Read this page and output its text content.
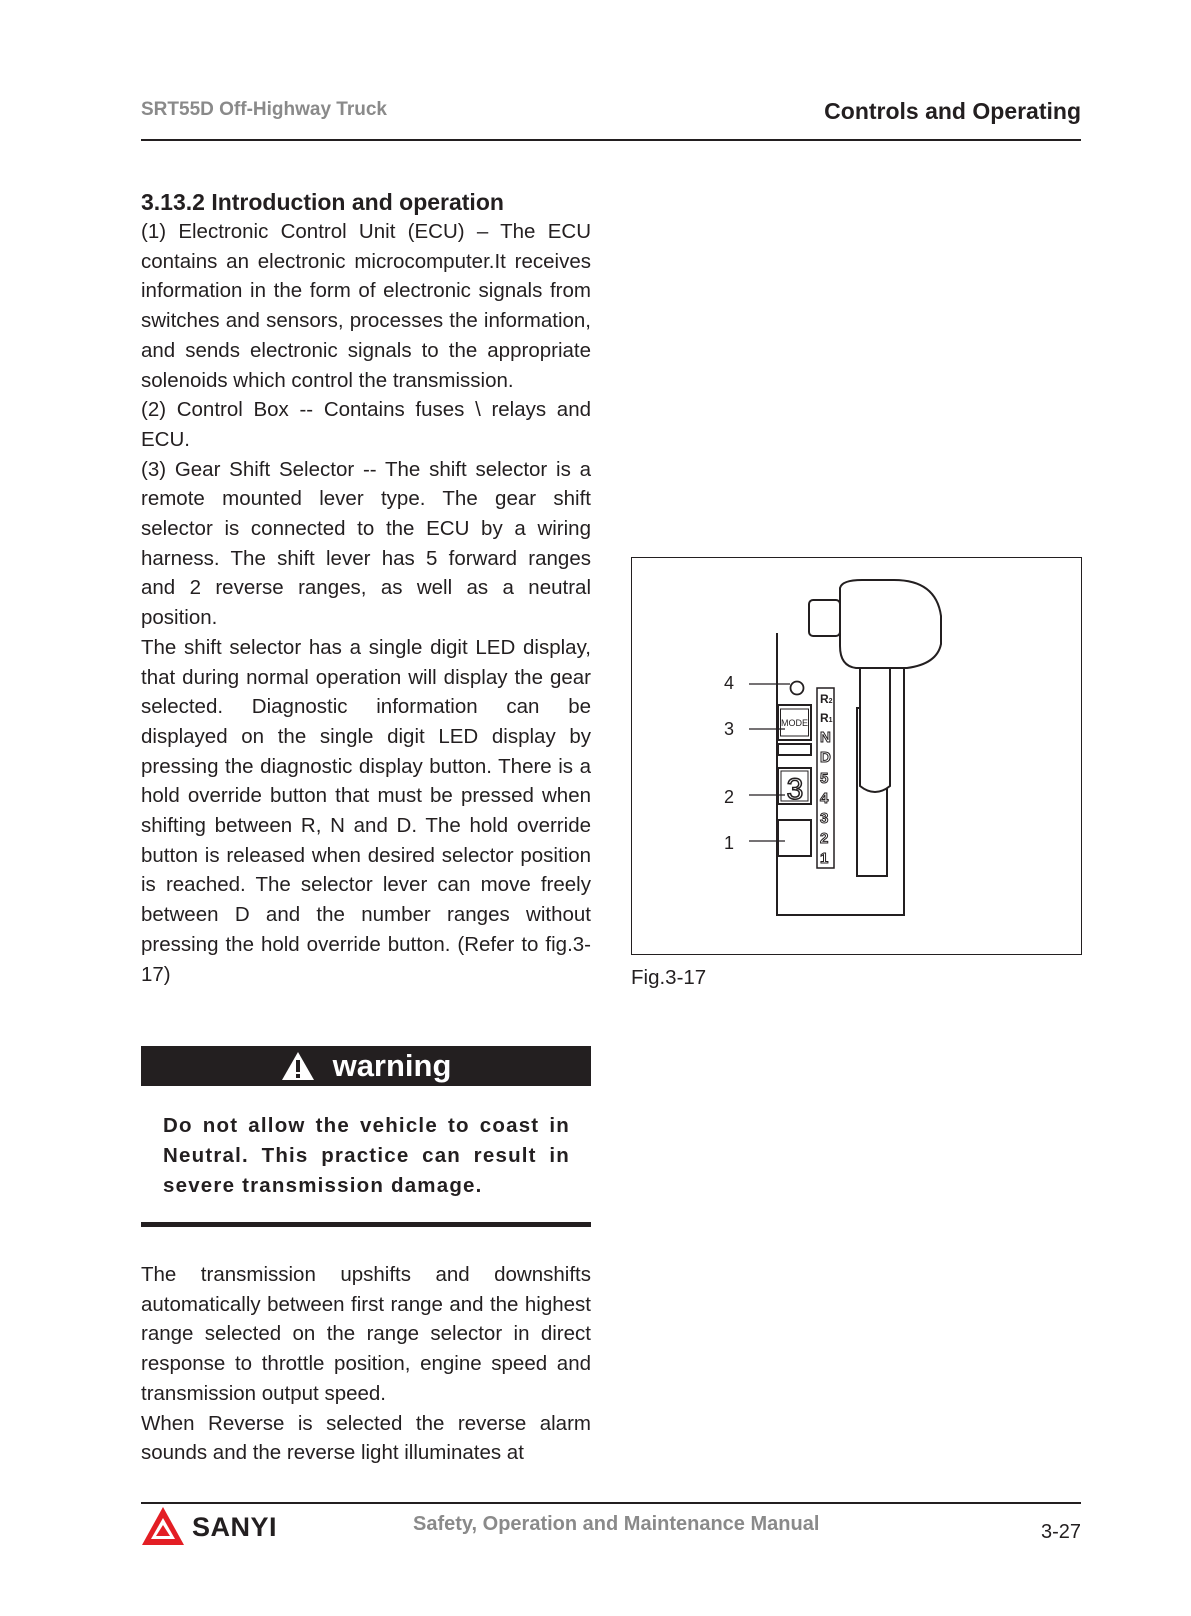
SRT55D Off-Highway Truck	Controls and Operating
3.13.2 Introduction and operation

(1) Electronic Control Unit (ECU) – The ECU contains an electronic microcomputer.It receives information in the form of electronic signals from switches and sensors, processes the information, and sends electronic signals to the appropriate solenoids which control the transmission.

(2) Control Box -- Contains fuses \ relays and ECU.

(3) Gear Shift Selector -- The shift selector is a remote mounted lever type. The gear shift selector is connected to the ECU by a wiring harness. The shift lever has 5 forward ranges and 2 reverse ranges, as well as a neutral position.

The shift selector has a single digit LED display, that during normal operation will display the gear selected. Diagnostic information can be displayed on the single digit LED display by pressing the diagnostic display button. There is a hold override button that must be pressed when shifting between R, N and D. The hold override button is released when desired selector position is reached. The selector lever can move freely between D and the number ranges without pressing the hold override button. (Refer to fig.3-17)

warning
Do not allow the vehicle to coast in Neutral. This practice can result in severe transmission damage.

The transmission upshifts and downshifts automatically between first range and the highest range selected on the range selector in direct response to throttle position, engine speed and transmission output speed.

When Reverse is selected the reverse alarm sounds and the reverse light illuminates at

MODE
3
R2
R1
N
D
5
4
3
2
1
4
3
2
1
Fig.3-17
SANYI	Safety, Operation and Maintenance Manual	3-27
